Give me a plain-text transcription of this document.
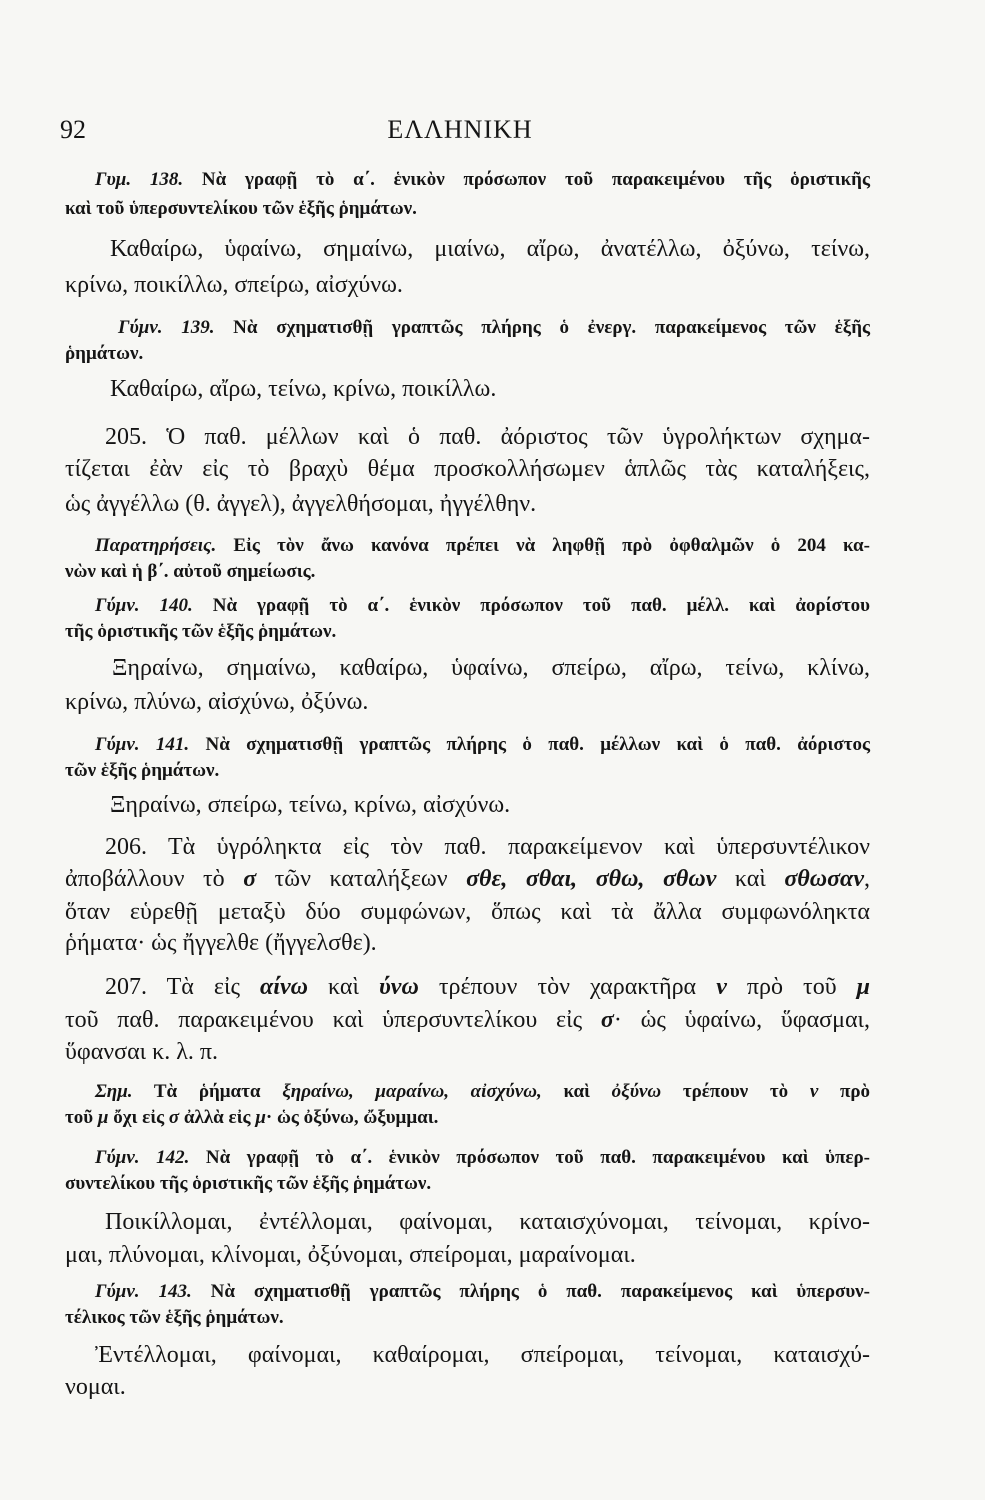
92	ΕΛΛΗΝΙΚΗ
Γυμ. 138. Νὰ γραφῇ τὸ α΄. ἑνικὸν πρόσωπον τοῦ παρακειμένου τῆς ὁριστικῆς
καὶ τοῦ ὑπερσυντελίκου τῶν ἑξῆς ῥημάτων.
Καθαίρω, ὑφαίνω, σημαίνω, μιαίνω, αἴρω, ἀνατέλλω, ὀξύνω, τείνω,
κρίνω, ποικίλλω, σπείρω, αἰσχύνω.
Γύμν. 139. Νὰ σχηματισθῇ γραπτῶς πλήρης ὁ ἐνεργ. παρακείμενος τῶν ἑξῆς
ῥημάτων.
Καθαίρω, αἴρω, τείνω, κρίνω, ποικίλλω.
205. Ὁ παθ. μέλλων καὶ ὁ παθ. ἀόριστος τῶν ὑγρολήκτων σχημα-
τίζεται ἐὰν εἰς τὸ βραχὺ θέμα προσκολλήσωμεν ἁπλῶς τὰς καταλήξεις,
ὡς ἀγγέλλω (θ. ἀγγελ), ἀγγελθήσομαι, ἠγγέλθην.
Παρατηρήσεις. Εἰς τὸν ἄνω κανόνα πρέπει νὰ ληφθῇ πρὸ ὀφθαλμῶν ὁ 204 κα-
νὼν καὶ ἡ β΄. αὐτοῦ σημείωσις.
Γύμν. 140. Νὰ γραφῇ τὸ α΄. ἑνικὸν πρόσωπον τοῦ παθ. μέλλ. καὶ ἀορίστου
τῆς ὁριστικῆς τῶν ἑξῆς ῥημάτων.
Ξηραίνω, σημαίνω, καθαίρω, ὑφαίνω, σπείρω, αἴρω, τείνω, κλίνω,
κρίνω, πλύνω, αἰσχύνω, ὀξύνω.
Γύμν. 141. Νὰ σχηματισθῇ γραπτῶς πλήρης ὁ παθ. μέλλων καὶ ὁ παθ. ἀόριστος
τῶν ἑξῆς ῥημάτων.
Ξηραίνω, σπείρω, τείνω, κρίνω, αἰσχύνω.
206. Τὰ ὑγρόληκτα εἰς τὸν παθ. παρακείμενον καὶ ὑπερσυντέλικον
ἀποβάλλουν τὸ σ τῶν καταλήξεων σθε, σθαι, σθω, σθων καὶ σθωσαν,
ὅταν εὑρεθῇ μεταξὺ δύο συμφώνων, ὅπως καὶ τὰ ἄλλα συμφωνόληκτα
ῥήματα· ὡς ἤγγελθε (ἤγγελσθε).
207. Τὰ εἰς αίνω καὶ ύνω τρέπουν τὸν χαρακτῆρα ν πρὸ τοῦ μ
τοῦ παθ. παρακειμένου καὶ ὑπερσυντελίκου εἰς σ· ὡς ὑφαίνω, ὕφασμαι,
ὕφανσαι κ. λ. π.
Σημ. Τὰ ῥήματα ξηραίνω, μαραίνω, αἰσχύνω, καὶ ὀξύνω τρέπουν τὸ ν πρὸ
τοῦ μ ὄχι εἰς σ ἀλλὰ εἰς μ· ὡς ὀξύνω, ὤξυμμαι.
Γύμν. 142. Νὰ γραφῇ τὸ α΄. ἑνικὸν πρόσωπον τοῦ παθ. παρακειμένου καὶ ὑπερ-
συντελίκου τῆς ὁριστικῆς τῶν ἑξῆς ῥημάτων.
Ποικίλλομαι, ἐντέλλομαι, φαίνομαι, καταισχύνομαι, τείνομαι, κρίνο-
μαι, πλύνομαι, κλίνομαι, ὀξύνομαι, σπείρομαι, μαραίνομαι.
Γύμν. 143. Νὰ σχηματισθῇ γραπτῶς πλήρης ὁ παθ. παρακείμενος καὶ ὑπερσυν-
τέλικος τῶν ἑξῆς ῥημάτων.
Ἐντέλλομαι, φαίνομαι, καθαίρομαι, σπείρομαι, τείνομαι, καταισχύ-
νομαι.
